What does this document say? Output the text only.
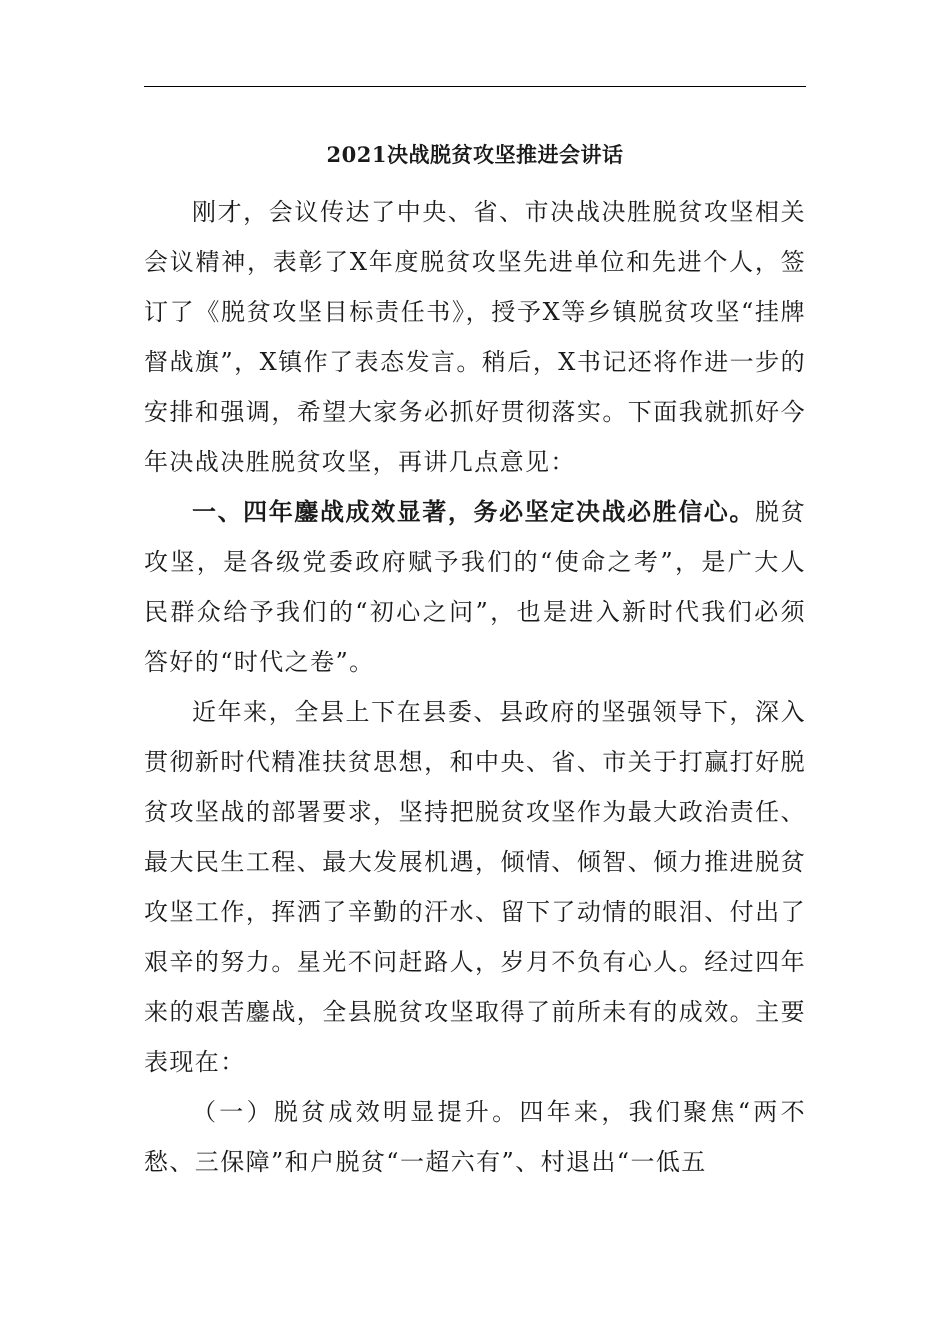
2021决战脱贫攻坚推进会讲话

刚才，会议传达了中央、省、市决战决胜脱贫攻坚相关会议精神，表彰了X年度脱贫攻坚先进单位和先进个人，签订了《脱贫攻坚目标责任书》，授予X等乡镇脱贫攻坚“挂牌督战旗”，X镇作了表态发言。稍后，X书记还将作进一步的安排和强调，希望大家务必抓好贯彻落实。下面我就抓好今年决战决胜脱贫攻坚，再讲几点意见：

一、四年鏖战成效显著，务必坚定决战必胜信心。脱贫攻坚，是各级党委政府赋予我们的“使命之考”，是广大人民群众给予我们的“初心之问”，也是进入新时代我们必须答好的“时代之卷”。

近年来，全县上下在县委、县政府的坚强领导下，深入贯彻新时代精准扶贫思想，和中央、省、市关于打赢打好脱贫攻坚战的部署要求，坚持把脱贫攻坚作为最大政治责任、最大民生工程、最大发展机遇，倾情、倾智、倾力推进脱贫攻坚工作，挥洒了辛勤的汗水、留下了动情的眼泪、付出了艰辛的努力。星光不问赶路人，岁月不负有心人。经过四年来的艰苦鏖战，全县脱贫攻坚取得了前所未有的成效。主要表现在：

（一）脱贫成效明显提升。四年来，我们聚焦“两不愁、三保障”和户脱贫“一超六有”、村退出“一低五
